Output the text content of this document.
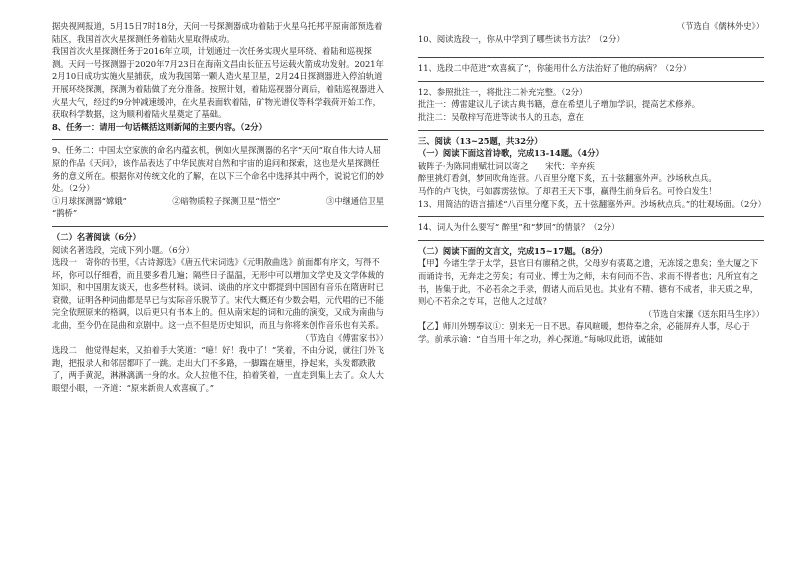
据央视网报道，5月15日7时18分，天问一号探测器成功着陆于火星乌托邦平原南部预选着陆区，我国首次火星探测任务着陆火星取得成功。

我国首次火星探测任务于2016年立项，计划通过一次任务实现火星环绕、着陆和巡视探测。天问一号探测器于2020年7月23日在海南文昌由长征五号运载火箭成功发射。2021年2月10日成功实施火星捕获，成为我国第一颗人造火星卫星，2月24日探测器进入停泊轨道开展环绕探测，探测为着陆做了充分准备。按照计划，着陆巡视器分离后，着陆巡视器进入火星大气，经过约9分钟减速缓冲，在火星表面软着陆，矿物光谱仪等科学载荷开始工作，获取科学数据，这为顺利着陆火星奠定了基础。

8、任务一：请用一句话概括这则新闻的主要内容。（2分）

9、任务二：中国太空家族的命名内蕴玄机，例如火星探测器的名字“天问”取自伟大诗人屈原的作品《天问》，该作品表达了中华民族对自然和宇宙的追问和探索，这也是火星探测任务的意义所在。根据你对传统文化的了解，在以下三个命名中选择其中两个，说说它们的妙处。（2分）

①月球探测器“嫦娥”	②暗物质粒子探测卫星“悟空”	③中继通信卫星

“鹊桥”

（二）名著阅读（6分）

阅读名著选段，完成下列小题。（6分）

选段一　寄你的书里，《古诗源选》《唐五代宋词选》《元明散曲选》前面都有序文，写得不坏，你可以仔细看，而且要多看几遍；隔些日子温温，无形中可以增加文学史及文学体裁的知识，和中国朋友谈天，也多些材料。谈词、谈曲的序文中都提到中国固有音乐在隋唐时已衰微，证明各种词曲都是早已与实际音乐脱节了。宋代大概还有少数会唱，元代唱的已不能完全依照原来的格调，以后更只有书本上的。但从南宋起的词和元曲的演变，又成为南曲与北曲，至今仍在昆曲和京剧中。这一点不但是历史知识，而且与你将来创作音乐也有关系。

（节选自《傅雷家书》）

选段二　他觉得起来，又拍着手大笑道：“噫！好！我中了！”笑着，不由分说，就往门外飞跑，把报录人和邻居都吓了一跳。走出大门不多路，一脚踹在塘里，挣起来，头发都跌散了，两手黄泥，淋淋漓漓一身的水。众人拉他不住，拍着笑着，一直走到集上去了。众人大眼望小眼，一齐道：“原来新贵人欢喜疯了。”

（节选自《儒林外史》）

10、阅读选段一，你从中学到了哪些读书方法？（2分）

11、选段二中范进“欢喜疯了”，你能用什么方法治好了他的病病？（2分）

12、参照批注一，将批注二补充完整。（2分）

批注一：傅雷建议儿子读古典书籍，意在希望儿子增加学识，提高艺术修养。

批注二：吴敬梓写范进等读书人的丑态，意在

三、阅读（13~25题，共32分）

（一）阅读下面这首诗歌，完成13-14题。（4分）

破阵子·为陈同甫赋壮词以寄之　　宋代：辛弃疾

醉里挑灯看剑，梦回吹角连营。八百里分麾下炙，五十弦翻塞外声。沙场秋点兵。

马作的卢飞快，弓如霹雳弦惊。了却君王天下事，赢得生前身后名。可怜白发生！

13、用简洁的语言描述“八百里分麾下炙，五十弦翻塞外声。沙场秋点兵。”的壮观场面。（2分）

14、词人为什么要写“ 醉里”和“梦回”的情景？（2分）

（二）阅读下面的文言文，完成15~17题。（8分）

【甲】今诸生学于太学，县官日有廪稍之供，父母岁有裘葛之遗，无冻馁之患矣；坐大厦之下而诵诗书，无奔走之劳矣；有司业、博士为之师，未有问而不告、求而不得者也；凡所宜有之书，皆集于此，不必若余之手录，假诸人而后见也。其业有不精、德有不成者，非天质之卑，则心不若余之专耳，岂他人之过哉？

（节选自宋濂《送东阳马生序》）

【乙】师川外甥奉议①：别来无一日不思。春风暄暖，想侍奉之余，必能屏弃人事，尽心于学。前承示谕：“自当用十年之功，养心探道。”每咏叹此语，诚能如
